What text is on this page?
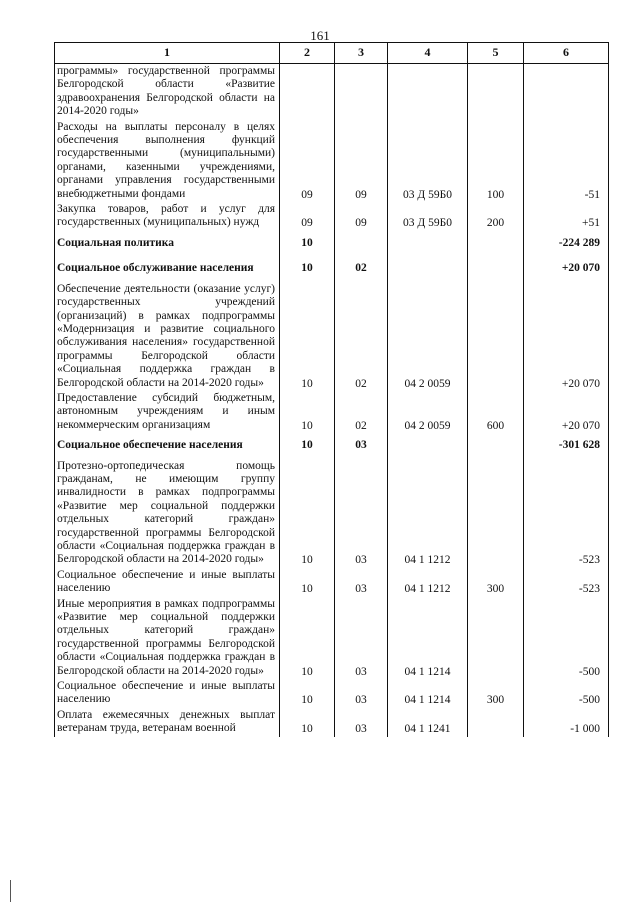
161
1	2	3	4	5	6
программы» государственной программы Белгородской области «Развитие здравоохранения Белгородской области на 2014-2020 годы»					
Расходы на выплаты персоналу в целях обеспечения выполнения функций государственными (муниципальными) органами, казенными учреждениями, органами управления государственными внебюджетными фондами	09	09	03 Д 59Б0	100	-51
Закупка товаров, работ и услуг для государственных (муниципальных) нужд	09	09	03 Д 59Б0	200	+51
Социальная политика	10				-224 289
Социальное обслуживание населения	10	02			+20 070
Обеспечение деятельности (оказание услуг) государственных учреждений (организаций) в рамках подпрограммы «Модернизация и развитие социального обслуживания населения» государственной программы Белгородской области «Социальная поддержка граждан в Белгородской области на 2014-2020 годы»	10	02	04 2 0059		+20 070
Предоставление субсидий бюджетным, автономным учреждениям и иным некоммерческим организациям	10	02	04 2 0059	600	+20 070
Социальное обеспечение населения	10	03			-301 628
Протезно-ортопедическая помощь гражданам, не имеющим группу инвалидности в рамках подпрограммы «Развитие мер социальной поддержки отдельных категорий граждан» государственной программы Белгородской области «Социальная поддержка граждан в Белгородской области на 2014-2020 годы»	10	03	04 1 1212		-523
Социальное обеспечение и иные выплаты населению	10	03	04 1 1212	300	-523
Иные мероприятия в рамках подпрограммы «Развитие мер социальной поддержки отдельных категорий граждан» государственной программы Белгородской области «Социальная поддержка граждан в Белгородской области на 2014-2020 годы»	10	03	04 1 1214		-500
Социальное обеспечение и иные выплаты населению	10	03	04 1 1214	300	-500
Оплата ежемесячных денежных выплат ветеранам труда, ветеранам военной	10	03	04 1 1241		-1 000
